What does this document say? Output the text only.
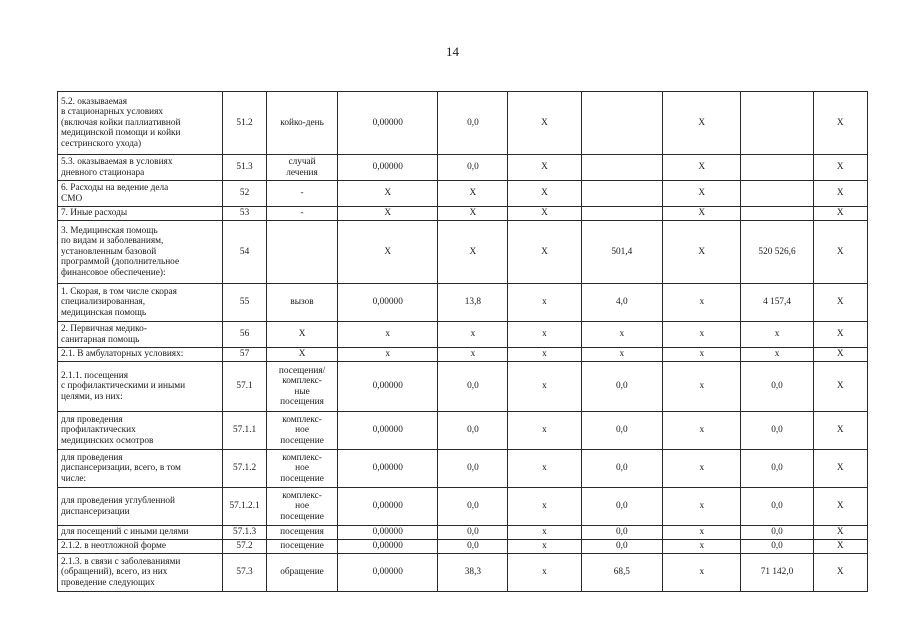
14
5.2. оказываемая
в стационарных условиях
(включая койки паллиативной
медицинской помощи и койки
сестринского ухода)	51.2	койко-день	0,00000	0,0	X		X		X
5.3. оказываемая в условиях
дневного стационара	51.3	случай
лечения	0,00000	0,0	X		X		X
6. Расходы на ведение дела
СМО	52	-	X	X	X		X		X
7. Иные расходы	53	-	X	X	X		X		X
3. Медицинская помощь
по видам и заболеваниям,
установленным базовой
программой (дополнительное
финансовое обеспечение):	54		X	X	X	501,4	X	520 526,6	X
1. Скорая, в том числе скорая
специализированная,
медицинская помощь	55	вызов	0,00000	13,8	х	4,0	х	4 157,4	X
2. Первичная медико-
санитарная помощь	56	X	х	х	х	х	х	х	X
2.1. В амбулаторных условиях:	57	X	х	х	х	х	х	х	X
2.1.1. посещения
с профилактическими и иными
целями, из них:	57.1	посещения/
комплекс-
ные
посещения	0,00000	0,0	х	0,0	х	0,0	X
для проведения
профилактических
медицинских осмотров	57.1.1	комплекс-
ное
посещение	0,00000	0,0	х	0,0	х	0,0	X
для проведения
диспансеризации, всего, в том
числе:	57.1.2	комплекс-
ное
посещение	0,00000	0,0	х	0,0	х	0,0	X
для проведения углубленной
диспансеризации	57.1.2.1	комплекс-
ное
посещение	0,00000	0,0	х	0,0	х	0,0	X
для посещений с иными целями	57.1.3	посещения	0,00000	0,0	х	0,0	х	0,0	X
2.1.2. в неотложной форме	57.2	посещение	0,00000	0,0	х	0,0	х	0,0	X
2.1.3. в связи с заболеваниями
(обращений), всего, из них
проведение следующих	57.3	обращение	0,00000	38,3	х	68,5	х	71 142,0	X
